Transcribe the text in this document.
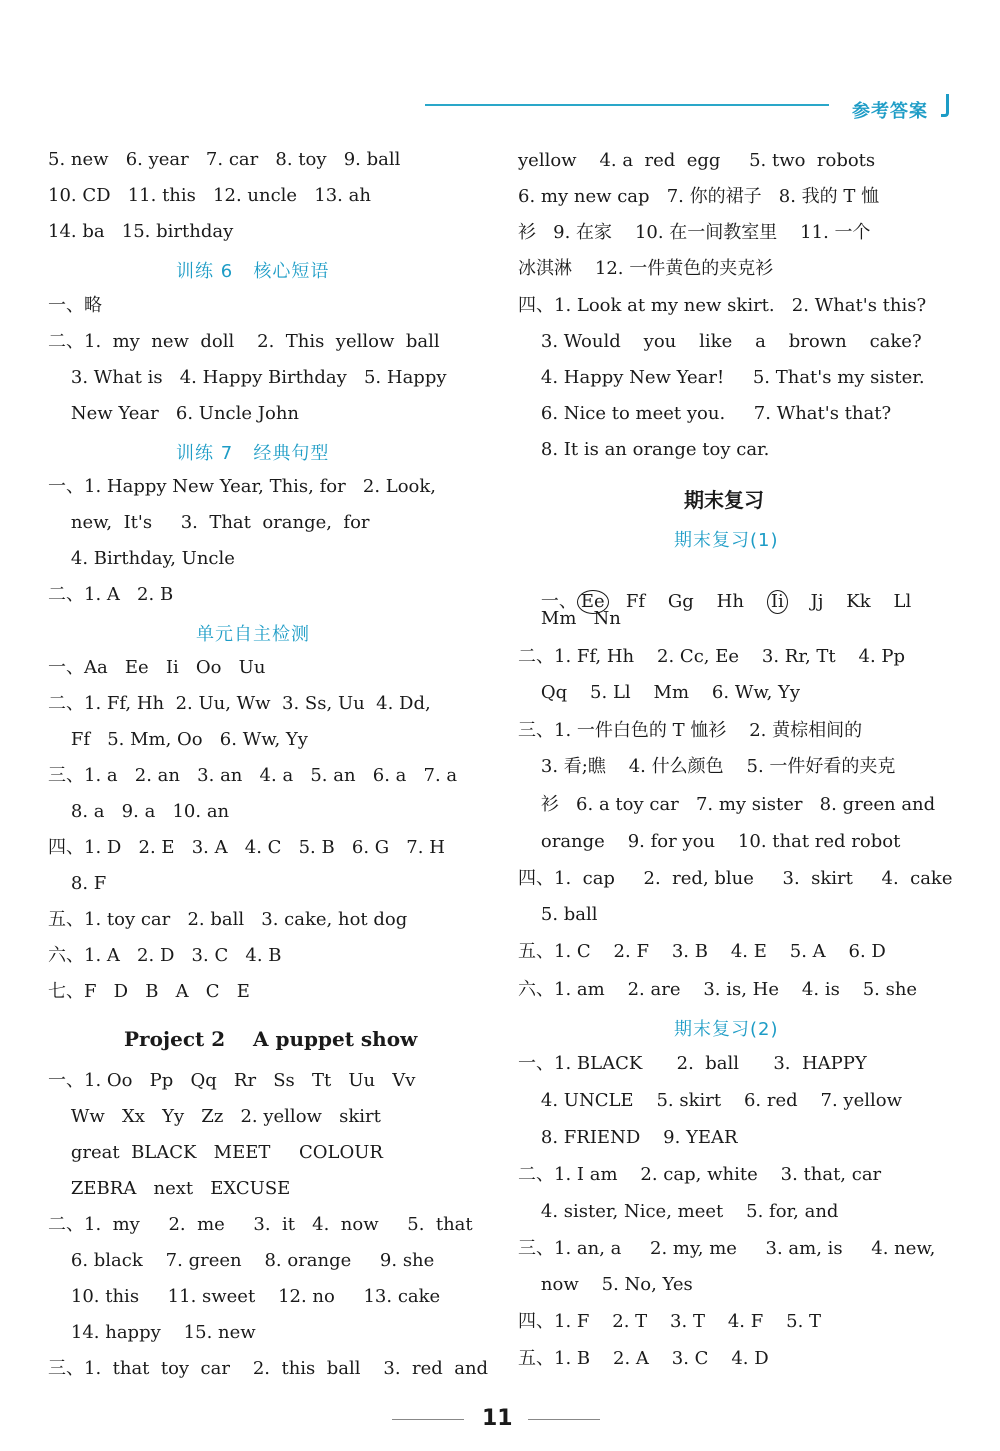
参考答案
5. new   6. year   7. car   8. toy   9. ball
10. CD   11. this   12. uncle   13. ah
14. ba   15. birthday
训练 6   核心短语
一、略
二、1.  my  new  doll    2.  This  yellow  ball
3. What is   4. Happy Birthday   5. Happy
New Year   6. Uncle John
训练 7   经典句型
一、1. Happy New Year, This, for   2. Look,
new,  It's     3.  That  orange,  for
4. Birthday, Uncle
二、1. A   2. B
单元自主检测
一、Aa   Ee   Ii   Oo   Uu
二、1. Ff, Hh  2. Uu, Ww  3. Ss, Uu  4. Dd,
Ff   5. Mm, Oo   6. Ww, Yy
三、1. a   2. an   3. an   4. a   5. an   6. a   7. a
8. a   9. a   10. an
四、1. D   2. E   3. A   4. C   5. B   6. G   7. H
8. F
五、1. toy car   2. ball   3. cake, hot dog
六、1. A   2. D   3. C   4. B
七、F   D   B   A   C   E
Project 2    A puppet show
一、1. Oo   Pp   Qq   Rr   Ss   Tt   Uu   Vv
Ww   Xx   Yy   Zz   2. yellow   skirt
great  BLACK   MEET     COLOUR
ZEBRA   next   EXCUSE
二、1.  my     2.  me     3.  it   4.  now     5.  that
6. black    7. green    8. orange     9. she
10. this     11. sweet    12. no     13. cake
14. happy    15. new
三、1.  that  toy  car    2.  this  ball    3.  red  and
yellow    4. a  red  egg     5. two  robots
6. my new cap   7. 你的裙子   8. 我的 T 恤
衫   9. 在家    10. 在一间教室里    11. 一个
冰淇淋    12. 一件黄色的夹克衫
四、1. Look at my new skirt.   2. What's this?
3. Would    you    like    a    brown    cake?
4. Happy New Year!     5. That's my sister.
6. Nice to meet you.     7. What's that?
8. It is an orange toy car.
期末复习
期末复习(1)

一、 Ee   Ff    Gg    Hh    Ii    Jj    Kk    Ll

Mm   Nn
二、1. Ff, Hh    2. Cc, Ee    3. Rr, Tt    4. Pp
Qq    5. Ll    Mm    6. Ww, Yy
三、1. 一件白色的 T 恤衫    2. 黄棕相间的
3. 看;瞧    4. 什么颜色    5. 一件好看的夹克
衫   6. a toy car   7. my sister   8. green and
orange    9. for you    10. that red robot
四、1.  cap     2.  red, blue     3.  skirt     4.  cake
5. ball
五、1. C    2. F    3. B    4. E    5. A    6. D
六、1. am    2. are    3. is, He    4. is    5. she
期末复习(2)
一、1. BLACK      2.  ball      3.  HAPPY
4. UNCLE    5. skirt    6. red    7. yellow
8. FRIEND    9. YEAR
二、1. I am    2. cap, white    3. that, car
4. sister, Nice, meet    5. for, and
三、1. an, a     2. my, me     3. am, is     4. new,
now    5. No, Yes
四、1. F    2. T    3. T    4. F    5. T
五、1. B    2. A    3. C    4. D
11
